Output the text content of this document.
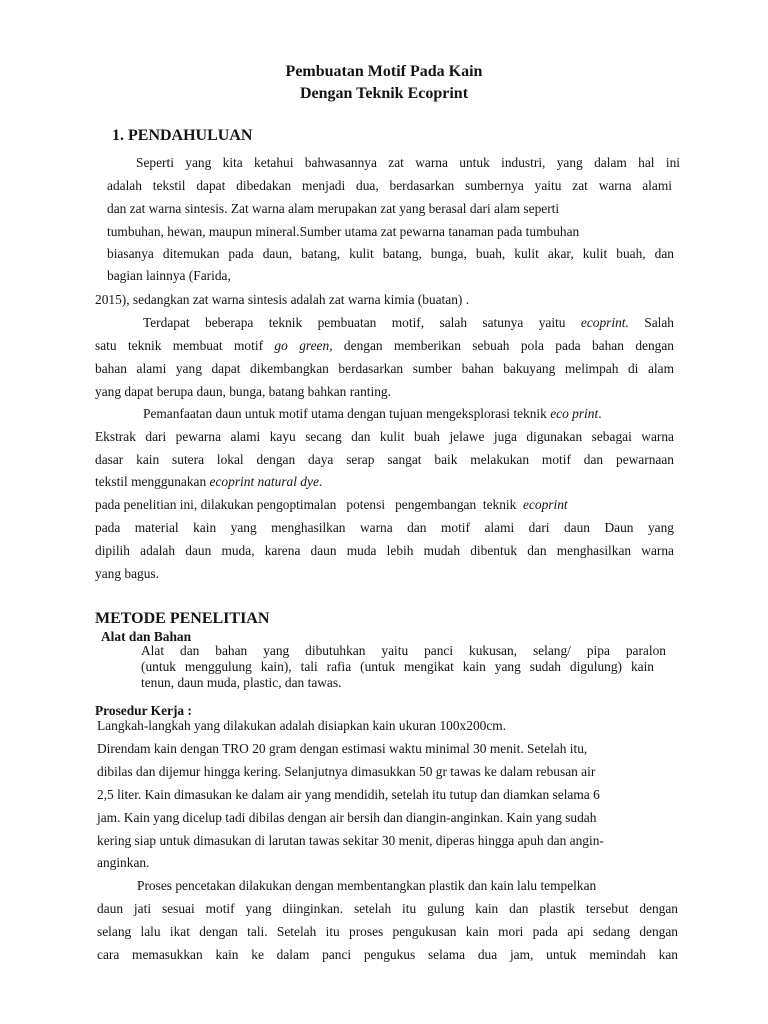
Pembuatan Motif Pada Kain
Dengan Teknik Ecoprint
1. PENDAHULUAN
Seperti yang kita ketahui bahwasannya zat warna untuk industri, yang dalam hal ini
adalah tekstil dapat dibedakan menjadi dua, berdasarkan sumbernya yaitu zat warna alami
dan zat warna sintesis. Zat warna alam merupakan zat yang berasal dari alam seperti
tumbuhan, hewan, maupun mineral.Sumber utama zat pewarna tanaman pada tumbuhan
biasanya ditemukan pada daun, batang, kulit batang, bunga, buah, kulit akar, kulit buah, dan
bagian lainnya (Farida,
2015), sedangkan zat warna sintesis adalah zat warna kimia (buatan) .
Terdapat beberapa teknik pembuatan motif, salah satunya yaitu ecoprint. Salah
satu teknik membuat motif go green, dengan memberikan sebuah pola pada bahan dengan
bahan alami yang dapat dikembangkan berdasarkan sumber bahan bakuyang melimpah di alam
yang dapat berupa daun, bunga, batang bahkan ranting.
Pemanfaatan daun untuk motif utama dengan tujuan mengeksplorasi teknik eco print.
Ekstrak dari pewarna alami kayu secang dan kulit buah jelawe juga digunakan sebagai warna
dasar kain sutera lokal dengan daya serap sangat baik melakukan motif dan pewarnaan
tekstil menggunakan ecoprint natural dye.
pada penelitian ini, dilakukan pengoptimalan   potensi   pengembangan  teknik  ecoprint
pada material kain yang menghasilkan warna dan motif alami dari daun Daun yang
dipilih adalah daun muda, karena daun muda lebih mudah dibentuk dan menghasilkan warna
yang bagus.
METODE PENELITIAN
Alat dan Bahan
Alat dan bahan yang dibutuhkan yaitu panci kukusan, selang/ pipa paralon
(untuk menggulung kain), tali rafia (untuk mengikat kain yang sudah digulung) kain
tenun, daun muda, plastic, dan tawas.
Prosedur Kerja :
Langkah-langkah yang dilakukan adalah disiapkan kain ukuran 100x200cm.
Direndam kain dengan TRO 20 gram dengan estimasi waktu minimal 30 menit. Setelah itu,
dibilas dan dijemur hingga kering. Selanjutnya dimasukkan 50 gr tawas ke dalam rebusan air
2,5 liter. Kain dimasukan ke dalam air yang mendidih, setelah itu tutup dan diamkan selama 6
jam. Kain yang dicelup tadi dibilas dengan air bersih dan diangin-anginkan. Kain yang sudah
kering siap untuk dimasukan di larutan tawas sekitar 30 menit, diperas hingga apuh dan angin-
anginkan.
Proses pencetakan dilakukan dengan membentangkan plastik dan kain lalu tempelkan
daun jati sesuai motif yang diinginkan. setelah itu gulung kain dan plastik tersebut dengan
selang lalu ikat dengan tali. Setelah itu proses pengukusan kain mori pada api sedang dengan
cara memasukkan kain ke dalam panci pengukus selama dua jam, untuk memindah kan
